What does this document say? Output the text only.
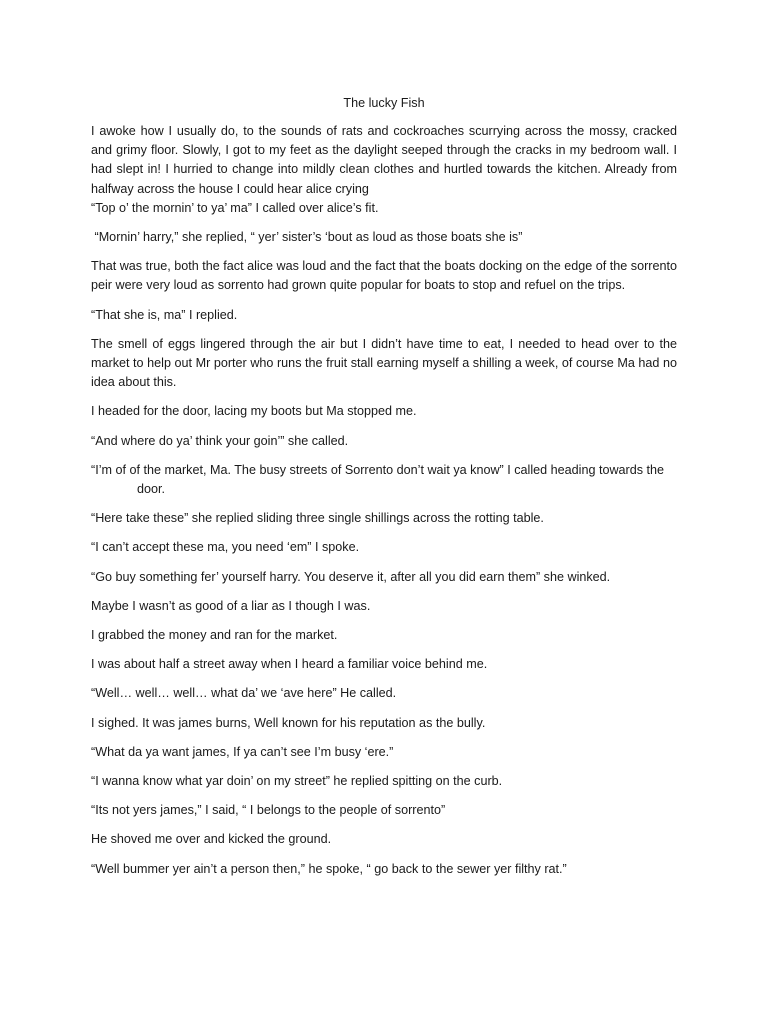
The lucky Fish

I awoke how I usually do, to the sounds of rats and cockroaches scurrying across the mossy, cracked and grimy floor. Slowly, I got to my feet as the daylight seeped through the cracks in my bedroom wall. I had slept in! I hurried to change into mildly clean clothes and hurtled towards the kitchen. Already from halfway across the house I could hear alice crying

“Top o’ the mornin’ to ya’ ma” I called over alice’s fit.

“Mornin’ harry,” she replied, “ yer’ sister’s ‘bout as loud as those boats she is”

That was true, both the fact alice was loud and the fact that the boats docking on the edge of the sorrento peir were very loud as sorrento had grown quite popular for boats to stop and refuel on the trips.

“That she is, ma” I replied.

The smell of eggs lingered through the air but I didn’t have time to eat, I needed to head over to the market to help out Mr porter who runs the fruit stall earning myself a shilling a week, of course Ma had no idea about this.

I headed for the door, lacing my boots but Ma stopped me.

“And where do ya’ think your goin’” she called.

“I’m of of the market, Ma. The busy streets of Sorrento don’t wait ya know” I called heading towards the door.

“Here take these” she replied sliding three single shillings across the rotting table.

“I can’t accept these ma, you need ‘em” I spoke.

“Go buy something fer’ yourself harry. You deserve it, after all you did earn them” she winked.

Maybe I wasn’t as good of a liar as I though I was.

I grabbed the money and ran for the market.

I was about half a street away when I heard a familiar voice behind me.

“Well… well… well… what da’ we ‘ave here” He called.

I sighed. It was james burns, Well known for his reputation as the bully.

“What da ya want james, If ya can’t see I’m busy ‘ere.”

“I wanna know what yar doin’ on my street” he replied spitting on the curb.

“Its not yers james,” I said, “ I belongs to the people of sorrento”

He shoved me over and kicked the ground.

“Well bummer yer ain’t a person then,” he spoke, “ go back to the sewer yer filthy rat.”
